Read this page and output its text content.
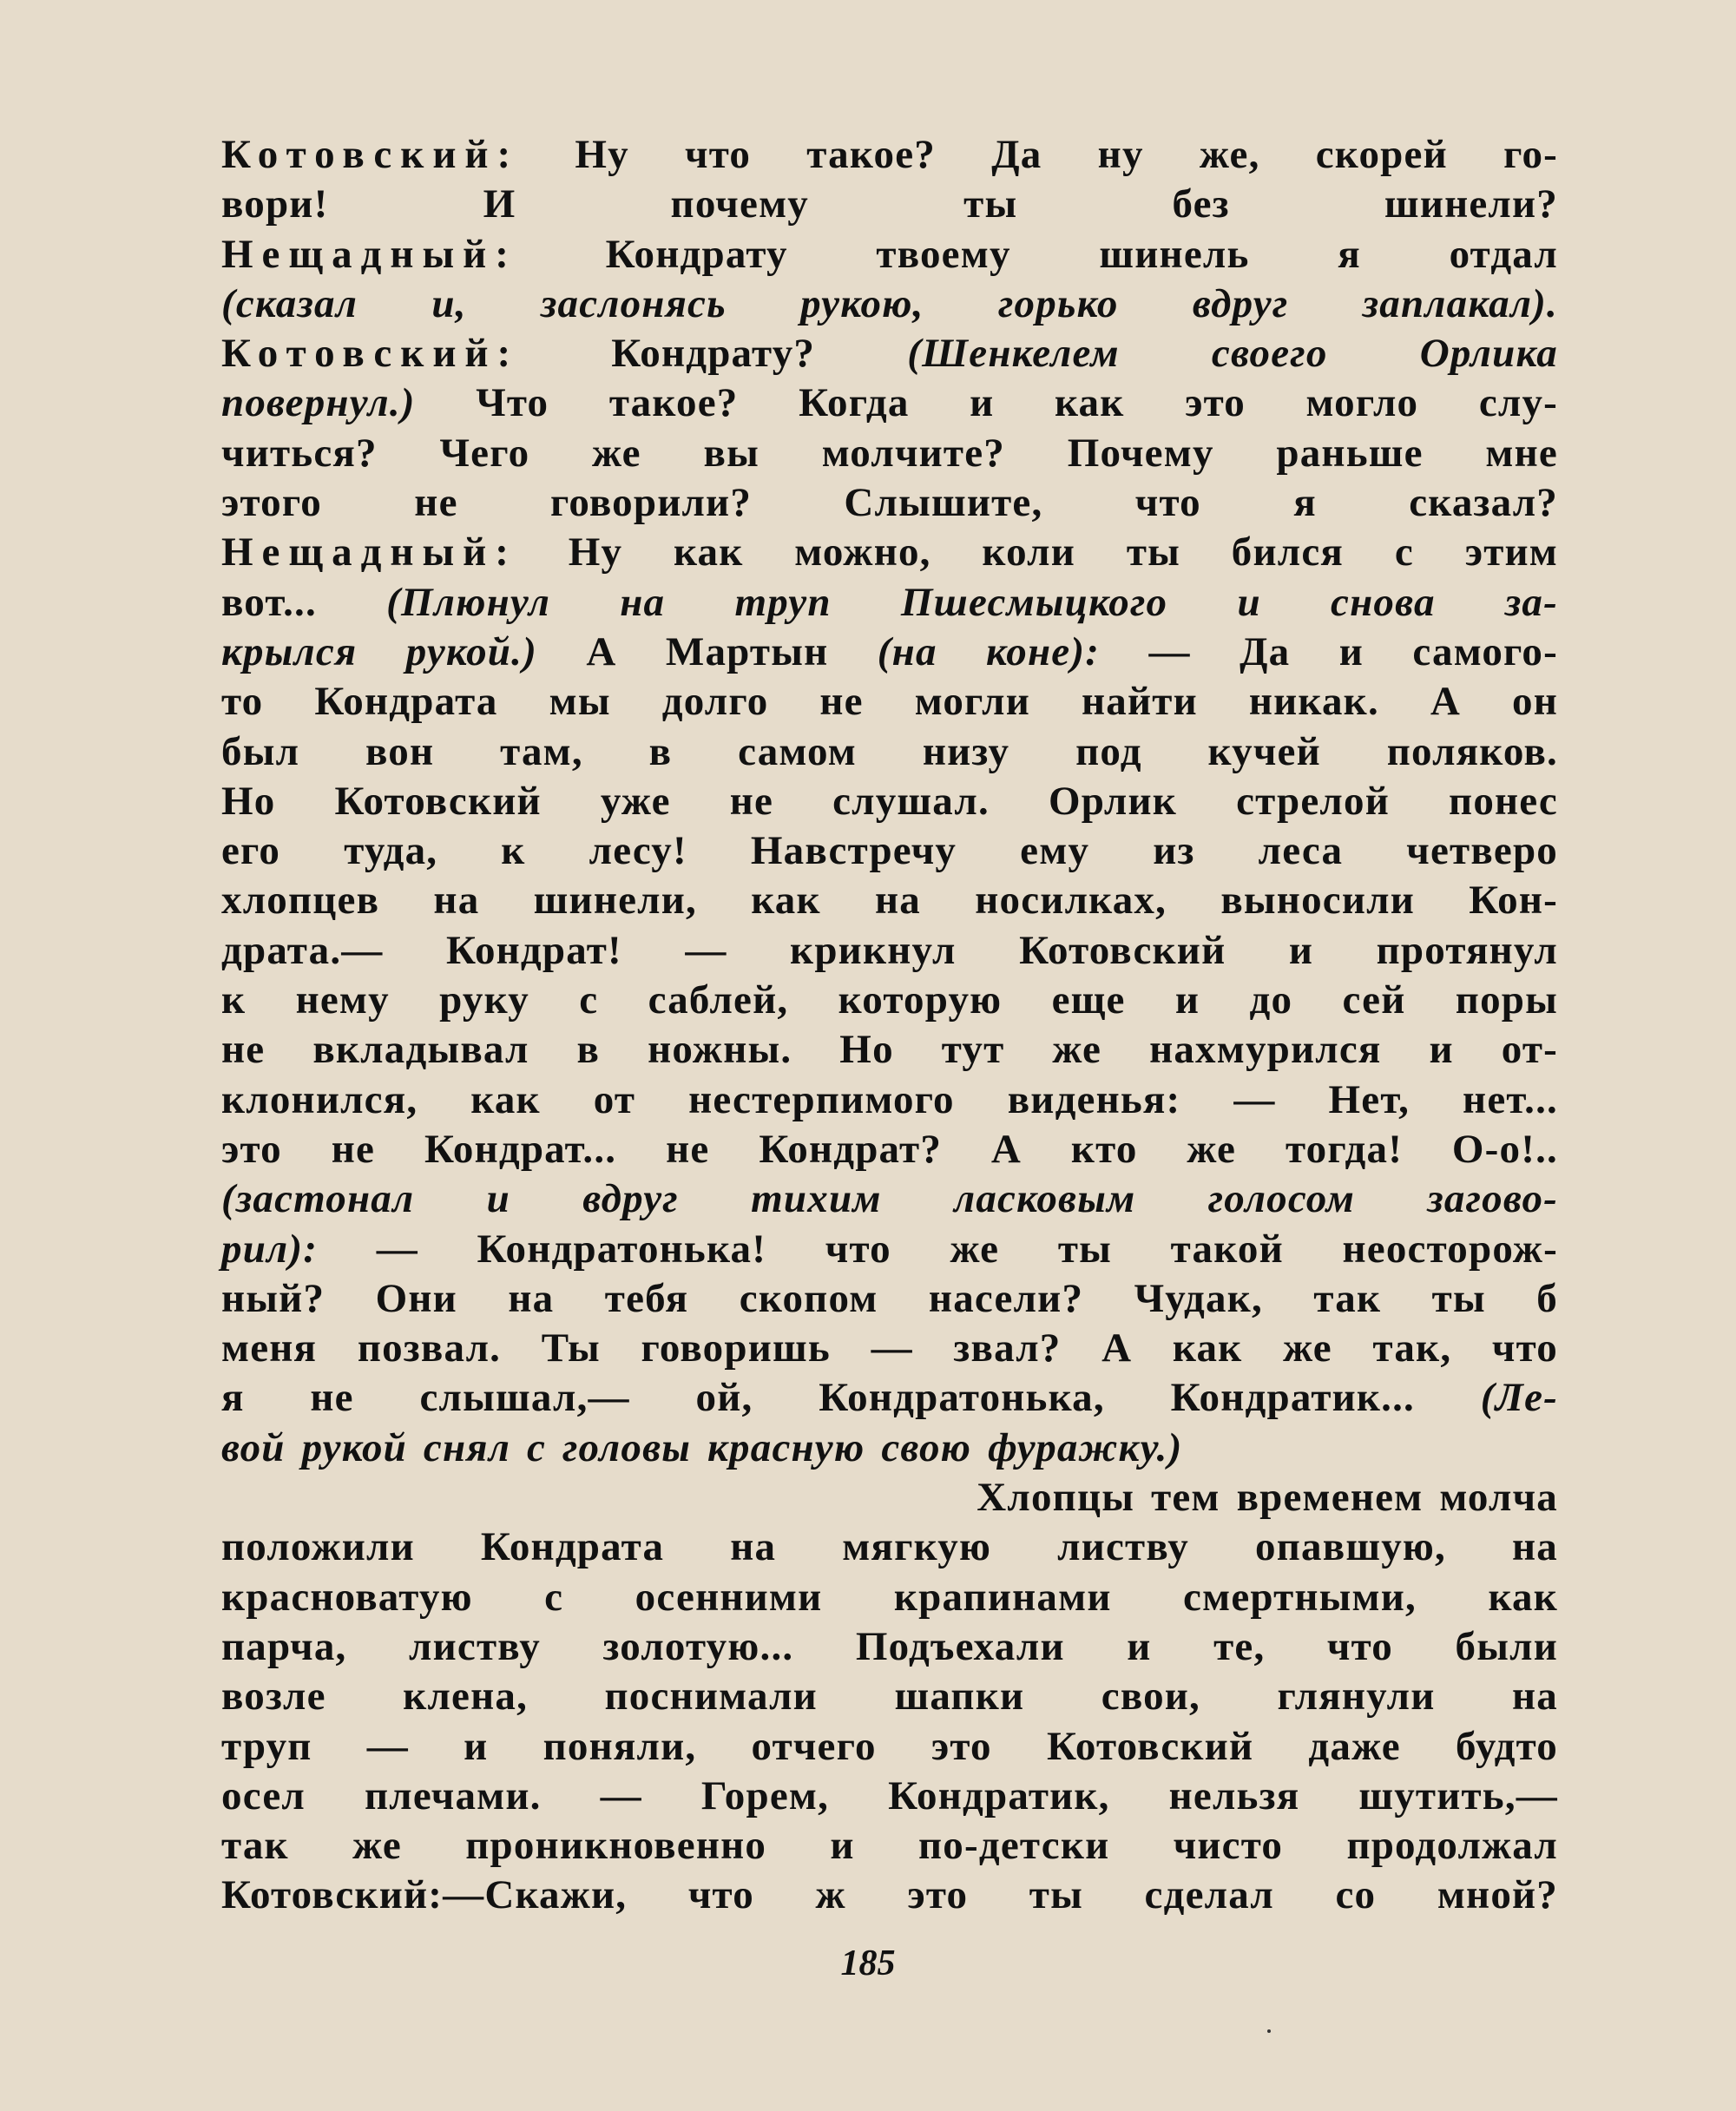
Котовский: Ну что такое? Да ну же, скорей го-
вори! И почему ты без шинели?
Нещадный: Кондрату твоему шинель я отдал
(сказал и, заслонясь рукою, горько вдруг заплакал).
Котовский: Кондрату? (Шенкелем своего Орлика
повернул.) Что такое? Когда и как это могло слу-
читься? Чего же вы молчите? Почему раньше мне
этого не говорили? Слышите, что я сказал?
Нещадный: Ну как можно, коли ты бился с этим
вот... (Плюнул на труп Пшесмыцкого и снова за-
крылся рукой.) А Мартын (на коне): — Да и самого-
то Кондрата мы долго не могли найти никак. А он
был вон там, в самом низу под кучей поляков.
Но Котовский уже не слушал. Орлик стрелой понес
его туда, к лесу! Навстречу ему из леса четверо
хлопцев на шинели, как на носилках, выносили Кон-
драта.— Кондрат! — крикнул Котовский и протянул
к нему руку с саблей, которую еще и до сей поры
не вкладывал в ножны. Но тут же нахмурился и от-
клонился, как от нестерпимого виденья: — Нет, нет...
это не Кондрат... не Кондрат? А кто же тогда! О-о!..
(застонал и вдруг тихим ласковым голосом загово-
рил): — Кондратонька! что же ты такой неосторож-
ный? Они на тебя скопом насели? Чудак, так ты б
меня позвал. Ты говоришь — звал? А как же так, что
я не слышал,— ой, Кондратонька, Кондратик... (Ле-
вой рукой снял с головы красную свою фуражку.)
Хлопцы тем временем молча
положили Кондрата на мягкую листву опавшую, на
красноватую с осенними крапинами смертными, как
парча, листву золотую... Подъехали и те, что были
возле клена, поснимали шапки свои, глянули на
труп — и поняли, отчего это Котовский даже будто
осел плечами. — Горем, Кондратик, нельзя шутить,—
так же проникновенно и по-детски чисто продолжал
Котовский:—Скажи, что ж это ты сделал со мной?
185
